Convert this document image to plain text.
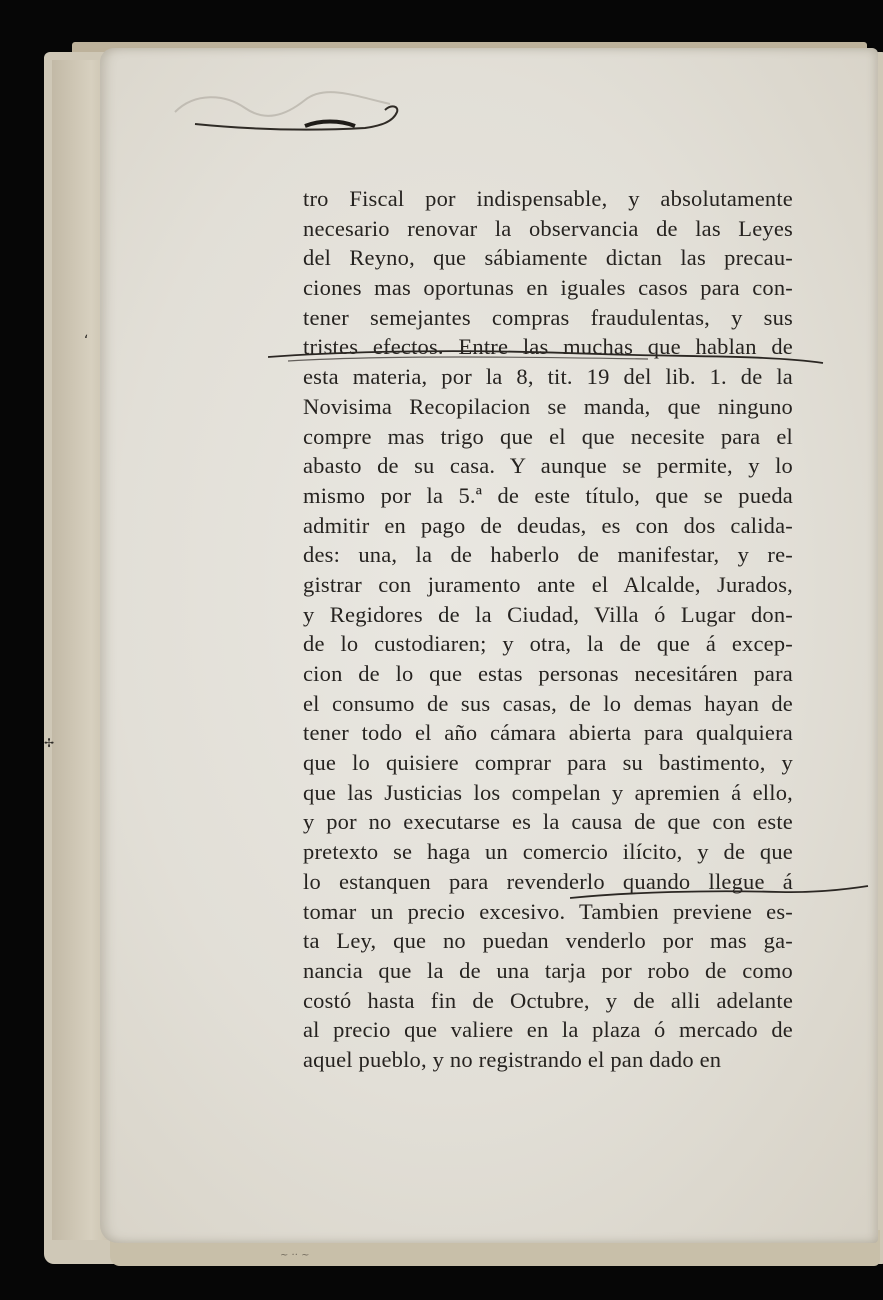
ʻ
✢
tro Fiscal por indispensable, y absolutamente
necesario renovar la observancia de las Leyes
del Reyno, que sábiamente dictan las precau-
ciones mas oportunas en iguales casos para con-
tener semejantes compras fraudulentas, y sus
tristes efectos. Entre las muchas que hablan de
esta materia, por la 8, tit. 19 del lib. 1. de la
Novisima Recopilacion se manda, que ninguno
compre mas trigo que el que necesite para el
abasto de su casa. Y aunque se permite, y lo
mismo por la 5.ª de este título, que se pueda
admitir en pago de deudas, es con dos calida-
des: una, la de haberlo de manifestar, y re-
gistrar con juramento ante el Alcalde, Jurados,
y Regidores de la Ciudad, Villa ó Lugar don-
de lo custodiaren; y otra, la de que á excep-
cion de lo que estas personas necesitáren para
el consumo de sus casas, de lo demas hayan de
tener todo el año cámara abierta para qualquiera
que lo quisiere comprar para su bastimento, y
que las Justicias los compelan y apremien á ello,
y por no executarse es la causa de que con este
pretexto se haga un comercio ilícito, y de que
lo estanquen para revenderlo quando llegue á
tomar un precio excesivo. Tambien previene es-
ta Ley, que no puedan venderlo por mas ga-
nancia que la de una tarja por robo de como
costó hasta fin de Octubre, y de alli adelante
al precio que valiere en la plaza ó mercado de
aquel pueblo, y no registrando el pan dado en
~ ·· ~
